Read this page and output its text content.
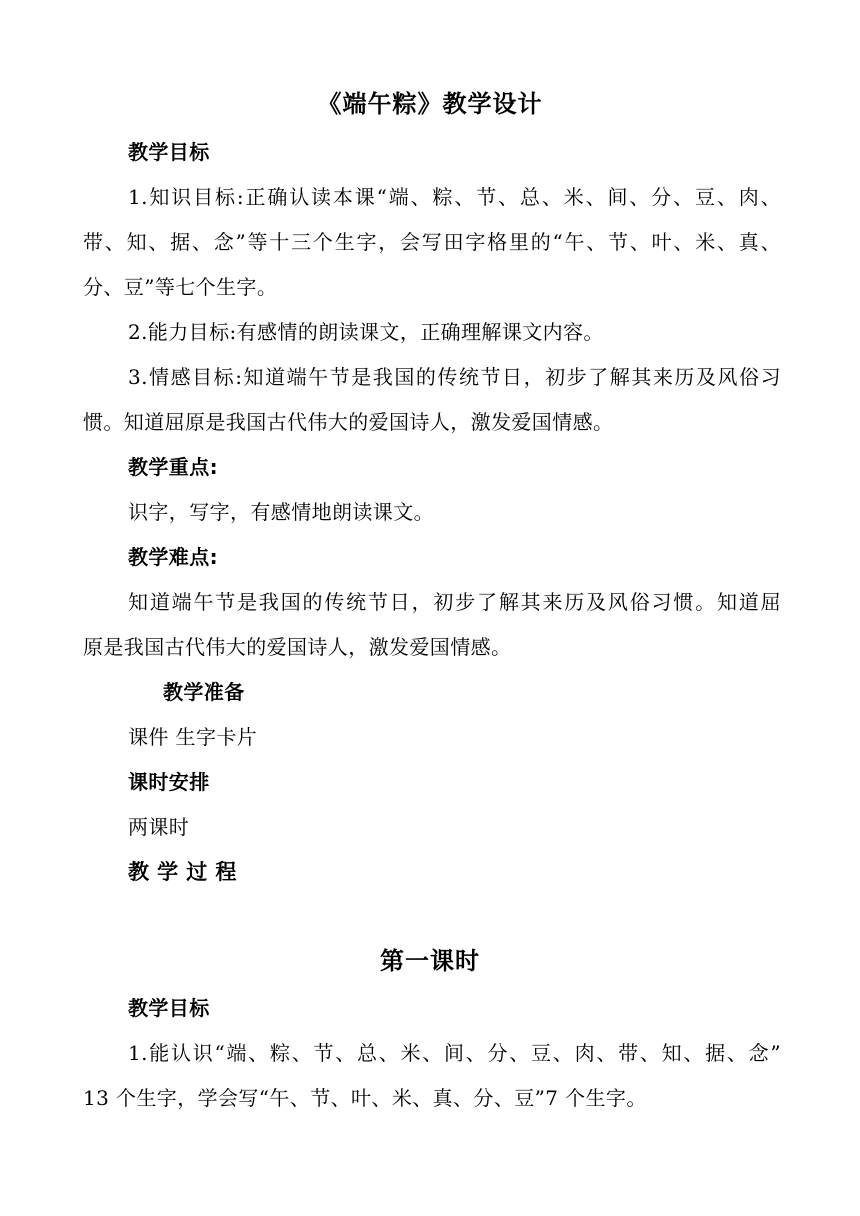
《端午粽》教学设计
教学目标
1.知识目标:正确认读本课“端、粽、节、总、米、间、分、豆、肉、
带、知、据、念”等十三个生字，会写田字格里的“午、节、叶、米、真、
分、豆”等七个生字。
2.能力目标:有感情的朗读课文，正确理解课文内容。
3.情感目标:知道端午节是我国的传统节日，初步了解其来历及风俗习
惯。知道屈原是我国古代伟大的爱国诗人，激发爱国情感。
教学重点:
识字，写字，有感情地朗读课文。
教学难点:
知道端午节是我国的传统节日，初步了解其来历及风俗习惯。知道屈
原是我国古代伟大的爱国诗人，激发爱国情感。
教学准备
课件 生字卡片
课时安排
两课时
教 学 过 程
第一课时
教学目标
1.能认识“端、粽、节、总、米、间、分、豆、肉、带、知、据、念”
13 个生字，学会写“午、节、叶、米、真、分、豆”7 个生字。
